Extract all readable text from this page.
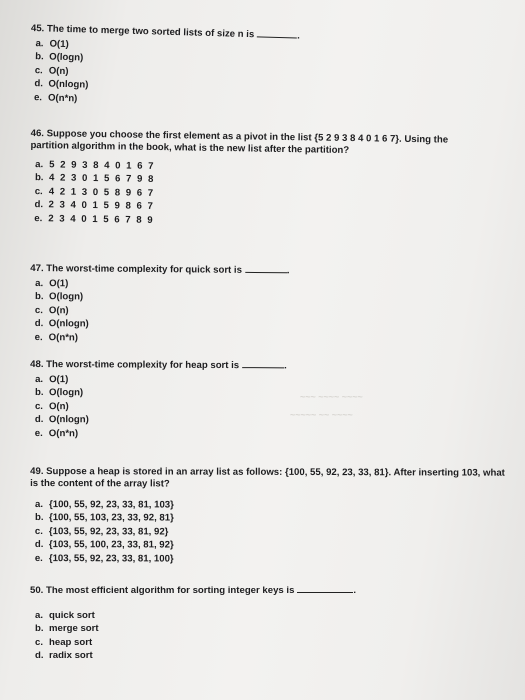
45. The time to merge two sorted lists of size n is	.
a. O(1)
b. O(logn)
c. O(n)
d. O(nlogn)
e. O(n*n)
46. Suppose you choose the first element as a pivot in the list {5 2 9 3 8 4 0 1 6 7}. Using the partition algorithm in the book, what is the new list after the partition?
a. 5 2 9 3 8 4 0 1 6 7
b. 4 2 3 0 1 5 6 7 9 8
c. 4 2 1 3 0 5 8 9 6 7
d. 2 3 4 0 1 5 9 8 6 7
e. 2 3 4 0 1 5 6 7 8 9
47. The worst-time complexity for quick sort is	.
a. O(1)
b. O(logn)
c. O(n)
d. O(nlogn)
e. O(n*n)
~~~ ~~~~ ~~~~
~~~~~ ~~ ~~~~
48. The worst-time complexity for heap sort is	.
a. O(1)
b. O(logn)
c. O(n)
d. O(nlogn)
e. O(n*n)
49. Suppose a heap is stored in an array list as follows: {100, 55, 92, 23, 33, 81}. After inserting 103, what is the content of the array list?
a. {100, 55, 92, 23, 33, 81, 103}
b. {100, 55, 103, 23, 33, 92, 81}
c. {103, 55, 92, 23, 33, 81, 92}
d. {103, 55, 100, 23, 33, 81, 92}
e. {103, 55, 92, 23, 33, 81, 100}
50. The most efficient algorithm for sorting integer keys is	.
a. quick sort
b. merge sort
c. heap sort
d. radix sort
